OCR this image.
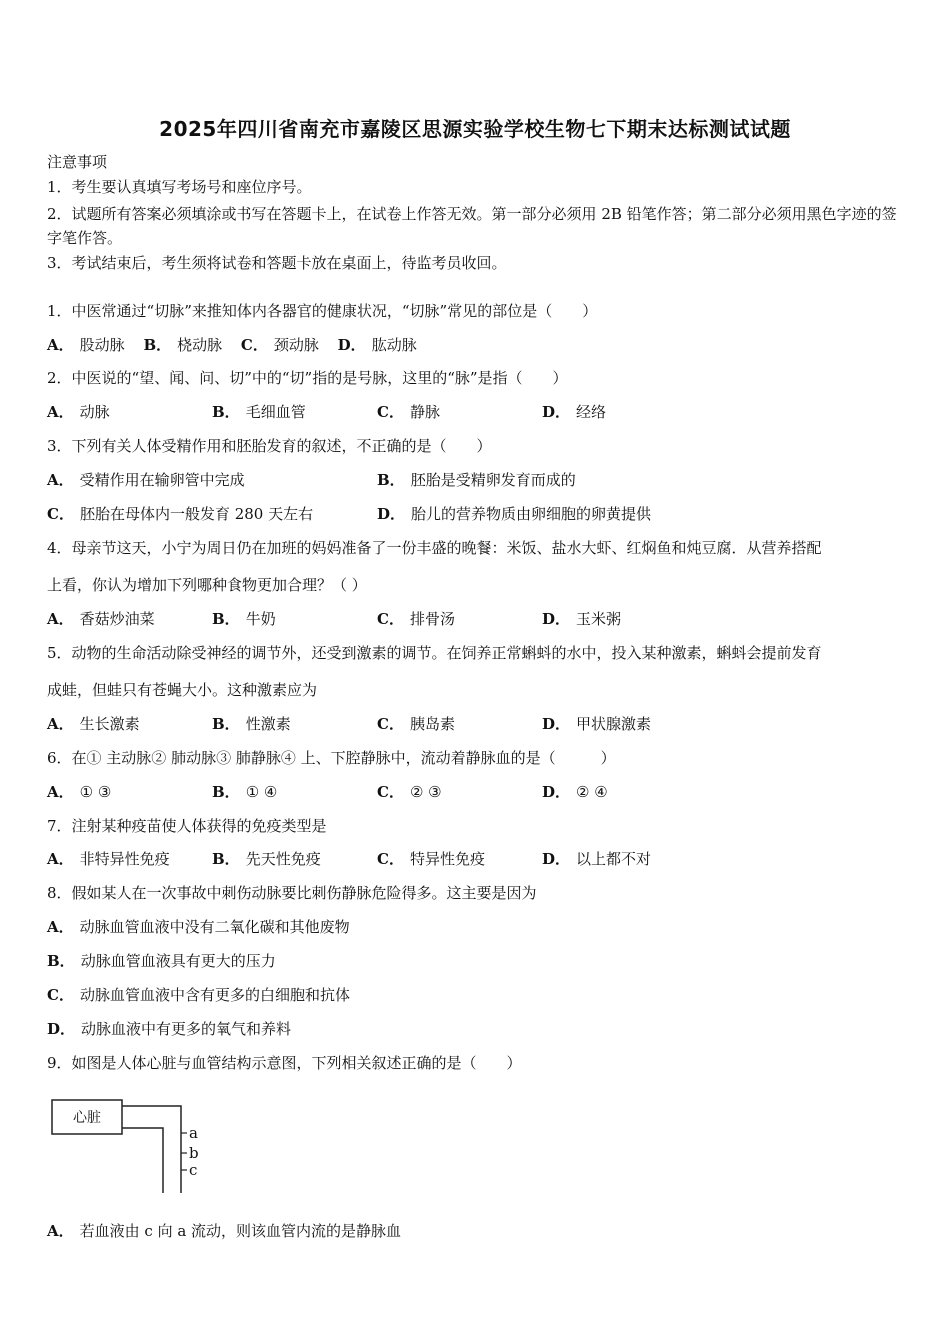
2025年四川省南充市嘉陵区思源实验学校生物七下期末达标测试试题
注意事项
1．考生要认真填写考场号和座位序号。
2．试题所有答案必须填涂或书写在答题卡上，在试卷上作答无效。第一部分必须用 2B 铅笔作答；第二部分必须用黑色字迹的签字笔作答。
3．考试结束后，考生须将试卷和答题卡放在桌面上，待监考员收回。
1．中医常通过“切脉”来推知体内各器官的健康状况，“切脉”常见的部位是（　　）
A． 股动脉 B． 桡动脉 C． 颈动脉 D． 肱动脉
2．中医说的“望、闻、问、切”中的“切”指的是号脉，这里的“脉”是指（　　）
A． 动脉	B． 毛细血管	C． 静脉	D． 经络
3．下列有关人体受精作用和胚胎发育的叙述，不正确的是（　　）
A． 受精作用在输卵管中完成	B． 胚胎是受精卵发育而成的
C． 胚胎在母体内一般发育 280 天左右	D． 胎儿的营养物质由卵细胞的卵黄提供
4．母亲节这天，小宁为周日仍在加班的妈妈准备了一份丰盛的晚餐：米饭、盐水大虾、红焖鱼和炖豆腐．从营养搭配
上看，你认为增加下列哪种食物更加合理？（ ）
A． 香菇炒油菜	B． 牛奶	C． 排骨汤	D． 玉米粥
5．动物的生命活动除受神经的调节外，还受到激素的调节。在饲养正常蝌蚪的水中，投入某种激素，蝌蚪会提前发育
成蛙，但蛙只有苍蝇大小。这种激素应为
A． 生长激素	B． 性激素	C． 胰岛素	D． 甲状腺激素
6．在① 主动脉② 肺动脉③ 肺静脉④ 上、下腔静脉中，流动着静脉血的是（　　　）
A． ① ③	B． ① ④	C． ② ③	D． ② ④
7．注射某种疫苗使人体获得的免疫类型是
A． 非特异性免疫	B． 先天性免疫	C． 特异性免疫	D． 以上都不对
8．假如某人在一次事故中刺伤动脉要比刺伤静脉危险得多。这主要是因为
A． 动脉血管血液中没有二氧化碳和其他废物
B． 动脉血管血液具有更大的压力
C． 动脉血管血液中含有更多的白细胞和抗体
D． 动脉血液中有更多的氧气和养料
9．如图是人体心脏与血管结构示意图，下列相关叙述正确的是（　　）
心脏
a
b
c
A． 若血液由 c 向 a 流动，则该血管内流的是静脉血
